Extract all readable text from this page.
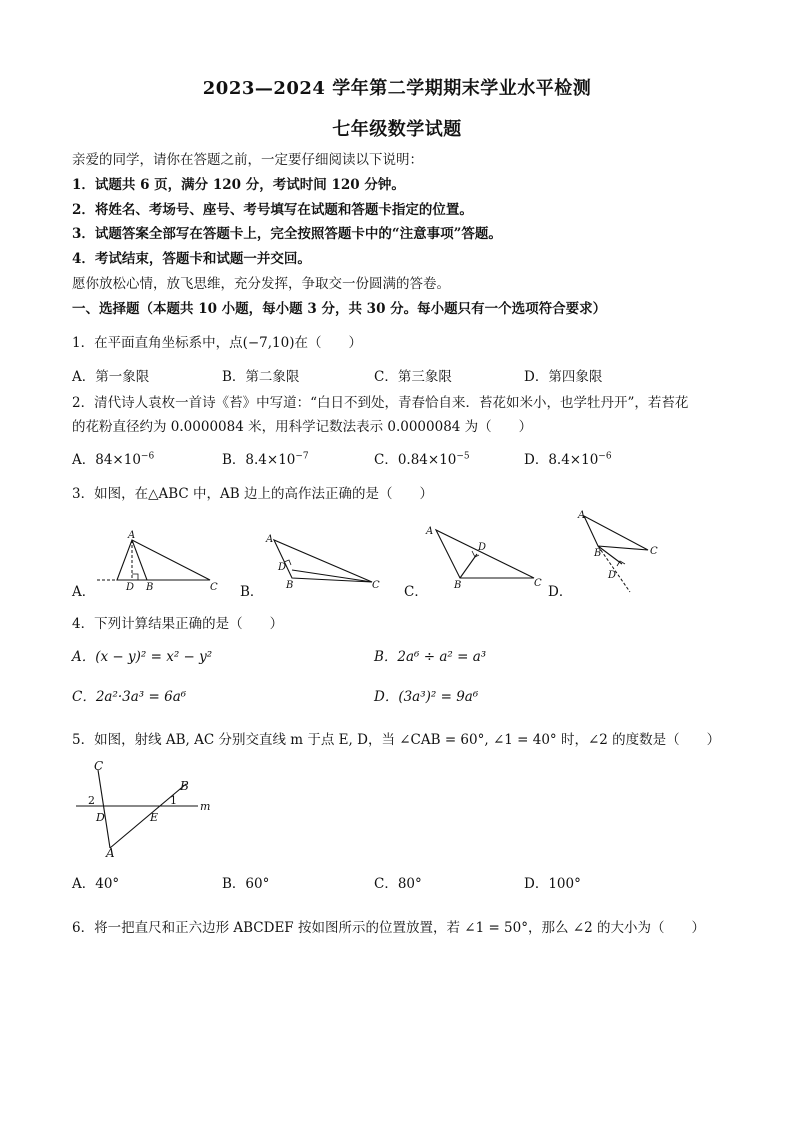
2023—2024 学年第二学期期末学业水平检测
七年级数学试题
亲爱的同学，请你在答题之前，一定要仔细阅读以下说明：
1．试题共 6 页，满分 120 分，考试时间 120 分钟。
2．将姓名、考场号、座号、考号填写在试题和答题卡指定的位置。
3．试题答案全部写在答题卡上，完全按照答题卡中的“注意事项”答题。
4．考试结束，答题卡和试题一并交回。
愿你放松心情，放飞思维，充分发挥，争取交一份圆满的答卷。
一、选择题（本题共 10 小题，每小题 3 分，共 30 分。每小题只有一个选项符合要求）
1．在平面直角坐标系中，点(−7,10)在（　　）
A．第一象限	B．第二象限	C．第三象限	D．第四象限
2．清代诗人袁枚一首诗《苔》中写道：“白日不到处，青春恰自来．苔花如米小，也学牡丹开”，若苔花
的花粉直径约为 0.0000084 米，用科学记数法表示 0.0000084 为（　　）
A．$84\times 10^{-6}$	B．$8.4\times 10^{-7}$	C．$0.84\times 10^{-5}$	D．$8.4\times 10^{-6}$
3．如图，在△ABC 中，AB 边上的高作法正确的是（　　）
A．
A
D B	C B．
A
D
B	C C．
A
D
B	C
D．
A
B	C
D
4．下列计算结果正确的是（　　）
A．(x − y)² = x² − y²	B．2a⁶ ÷ a² = a³
C．2a²·3a³ = 6a⁶	D．(3a³)² = 9a⁶
5．如图，射线 AB, AC 分别交直线 m 于点 E, D，当 ∠CAB = 60°, ∠1 = 40° 时，∠2 的度数是（　　）
C
B
2	1
D	E
m
A
A．40°	B．60°	C．80°	D．100°
6．将一把直尺和正六边形 ABCDEF 按如图所示的位置放置，若 ∠1 = 50°，那么 ∠2 的大小为（　　）
